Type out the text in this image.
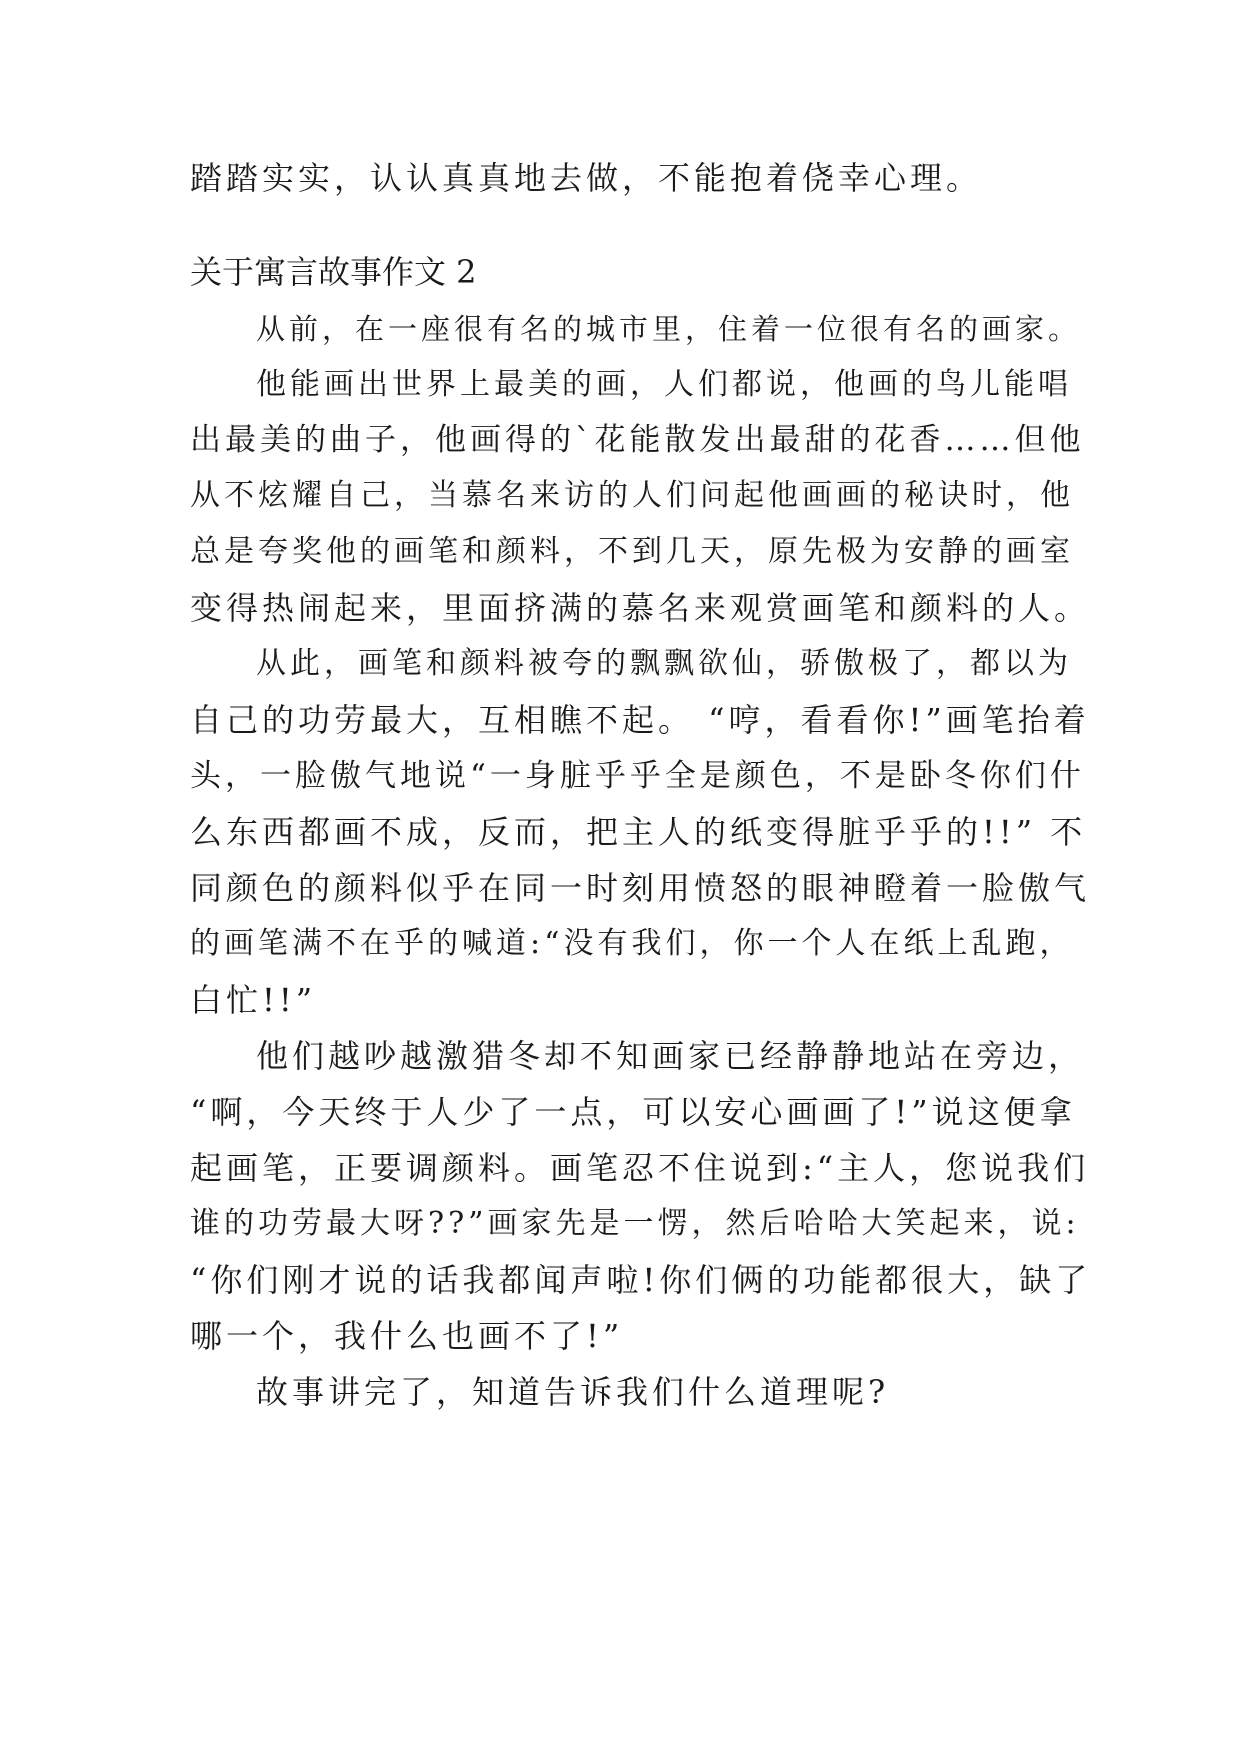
踏踏实实，认认真真地去做，不能抱着侥幸心理。
关于寓言故事作文 2
从前，在一座很有名的城市里，住着一位很有名的画家。
他能画出世界上最美的画，人们都说，他画的鸟儿能唱
出最美的曲子，他画得的`花能散发出最甜的花香……但他
从不炫耀自己，当慕名来访的人们问起他画画的秘诀时，他
总是夸奖他的画笔和颜料，不到几天，原先极为安静的画室
变得热闹起来，里面挤满的慕名来观赏画笔和颜料的人。
从此，画笔和颜料被夸的飘飘欲仙，骄傲极了，都以为
自己的功劳最大，互相瞧不起。 “哼，看看你!”画笔抬着
头，一脸傲气地说“一身脏乎乎全是颜色，不是卧冬你们什
么东西都画不成，反而，把主人的纸变得脏乎乎的!!” 不
同颜色的颜料似乎在同一时刻用愤怒的眼神瞪着一脸傲气
的画笔满不在乎的喊道:“没有我们，你一个人在纸上乱跑，
白忙!!”
他们越吵越激猎冬却不知画家已经静静地站在旁边，
“啊，今天终于人少了一点，可以安心画画了!”说这便拿
起画笔，正要调颜料。画笔忍不住说到:“主人，您说我们
谁的功劳最大呀??”画家先是一愣，然后哈哈大笑起来，说:
“你们刚才说的话我都闻声啦!你们俩的功能都很大，缺了
哪一个，我什么也画不了!”
故事讲完了，知道告诉我们什么道理呢?
